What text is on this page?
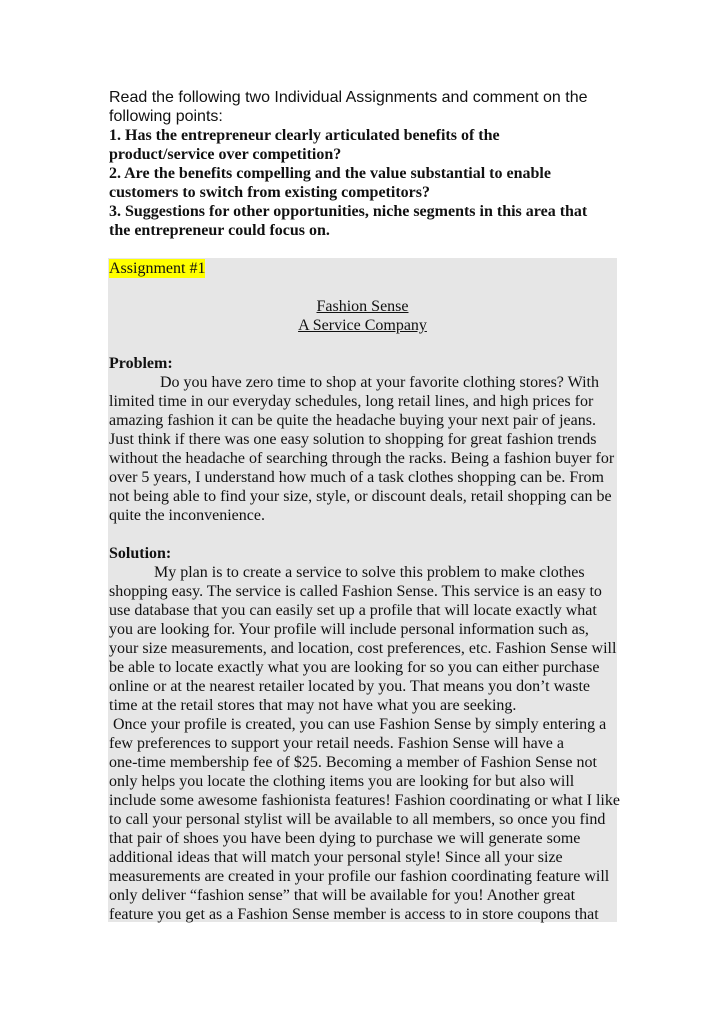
Read the following two Individual Assignments and comment on the

following points:

1. Has the entrepreneur clearly articulated benefits of the

product/service over competition?

2. Are the benefits compelling and the value substantial to enable

customers to switch from existing competitors?

3. Suggestions for other opportunities, niche segments in this area that

the entrepreneur could focus on.

Assignment #1
Fashion Sense
A Service Company
Problem:
Do you have zero time to shop at your favorite clothing stores? With
limited time in our everyday schedules, long retail lines, and high prices for
amazing fashion it can be quite the headache buying your next pair of jeans.
Just think if there was one easy solution to shopping for great fashion trends
without the headache of searching through the racks. Being a fashion buyer for
over 5 years, I understand how much of a task clothes shopping can be. From
not being able to find your size, style, or discount deals, retail shopping can be
quite the inconvenience.
Solution:
My plan is to create a service to solve this problem to make clothes
shopping easy. The service is called Fashion Sense. This service is an easy to
use database that you can easily set up a profile that will locate exactly what
you are looking for. Your profile will include personal information such as,
your size measurements, and location, cost preferences, etc. Fashion Sense will
be able to locate exactly what you are looking for so you can either purchase
online or at the nearest retailer located by you. That means you don’t waste
time at the retail stores that may not have what you are seeking.
Once your profile is created, you can use Fashion Sense by simply entering a
few preferences to support your retail needs. Fashion Sense will have a
one-time membership fee of $25. Becoming a member of Fashion Sense not
only helps you locate the clothing items you are looking for but also will
include some awesome fashionista features! Fashion coordinating or what I like
to call your personal stylist will be available to all members, so once you find
that pair of shoes you have been dying to purchase we will generate some
additional ideas that will match your personal style! Since all your size
measurements are created in your profile our fashion coordinating feature will
only deliver “fashion sense” that will be available for you! Another great
feature you get as a Fashion Sense member is access to in store coupons that
